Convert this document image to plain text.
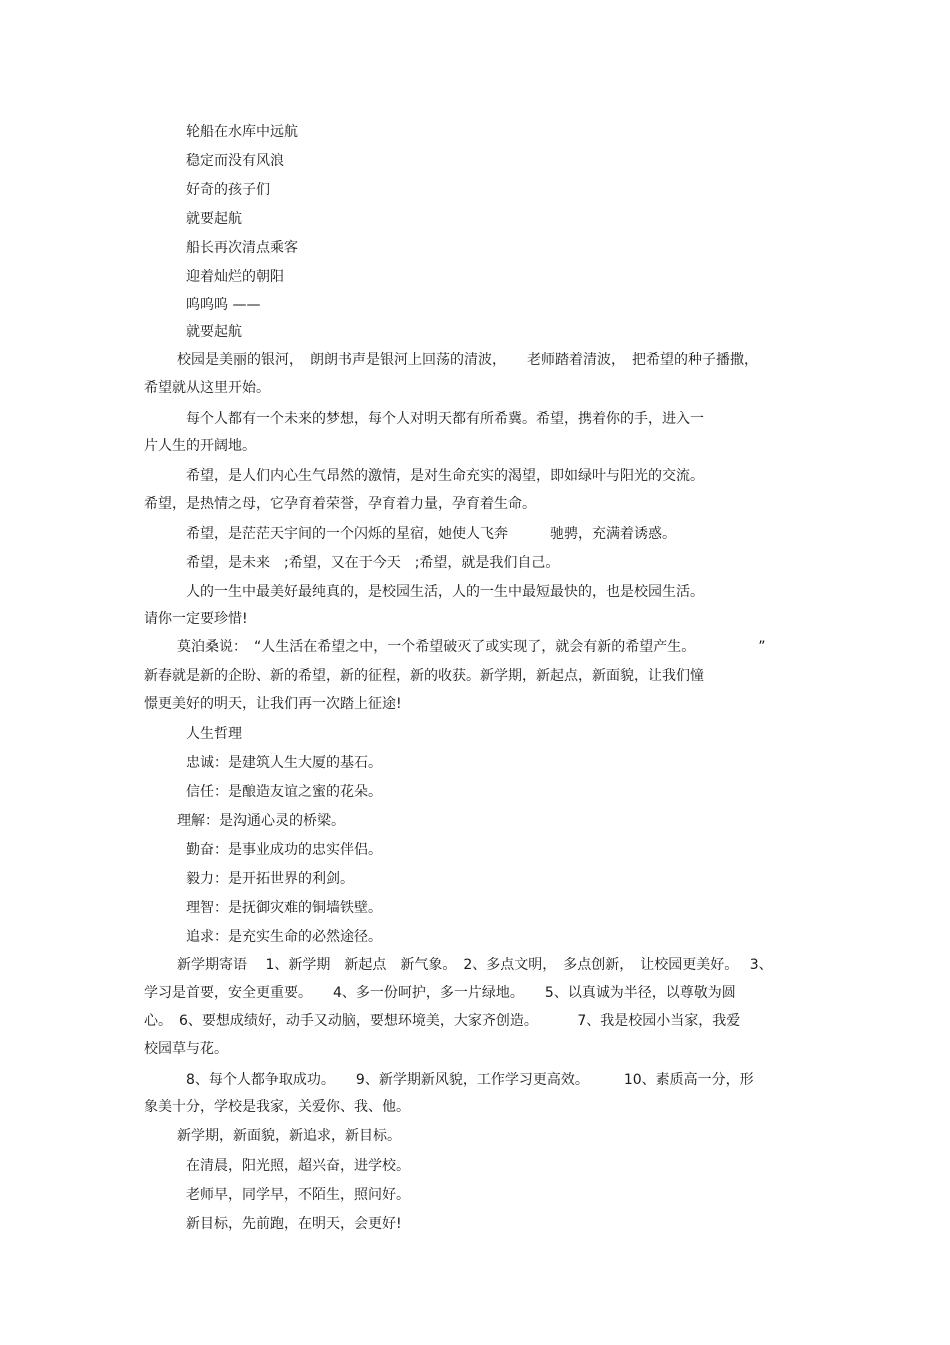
轮船在水库中远航
稳定而没有风浪
好奇的孩子们
就要起航
船长再次清点乘客
迎着灿烂的朝阳
呜呜呜 ——
就要起航
校园是美丽的银河，　朗朗书声是银河上回荡的清波，　　老师踏着清波，　把希望的种子播撒，
希望就从这里开始。
每个人都有一个未来的梦想，每个人对明天都有所希冀。希望，携着你的手，进入一
片人生的开阔地。
希望，是人们内心生气昂然的激情，是对生命充实的渴望，即如绿叶与阳光的交流。
希望，是热情之母，它孕育着荣誉，孕育着力量，孕育着生命。
希望，是茫茫天宇间的一个闪烁的星宿，她使人飞奔　　　驰骋，充满着诱惑。
希望，是未来　;希望，又在于今天　;希望，就是我们自己。
人的一生中最美好最纯真的，是校园生活，人的一生中最短最快的，也是校园生活。
请你一定要珍惜!
莫泊桑说：　“人生活在希望之中，一个希望破灭了或实现了，就会有新的希望产生。　　　　　”
新春就是新的企盼、新的希望，新的征程，新的收获。新学期，新起点，新面貌，让我们憧
憬更美好的明天，让我们再一次踏上征途!
人生哲理
忠诚：是建筑人生大厦的基石。
信任：是酿造友谊之蜜的花朵。
理解：是沟通心灵的桥梁。
勤奋：是事业成功的忠实伴侣。
毅力：是开拓世界的利剑。
理智：是抚御灾难的铜墙铁壁。
追求：是充实生命的必然途径。
新学期寄语　 1、新学期　新起点　新气象。　2、多点文明，　多点创新，　让校园更美好。　 3、
学习是首要，安全更重要。　　4、多一份呵护，多一片绿地。　　5、以真诚为半径，以尊敬为圆
心。　6、要想成绩好，动手又动脑，要想环境美，大家齐创造。　　　 7、我是校园小当家，我爱
校园草与花。
8、每个人都争取成功。　　9、新学期新风貌，工作学习更高效。　　　10、素质高一分，形
象美十分，学校是我家，关爱你、我、他。
新学期，新面貌，新追求，新目标。
在清晨，阳光照，超兴奋，进学校。
老师早，同学早，不陌生，照问好。
新目标，先前跑，在明天，会更好!
